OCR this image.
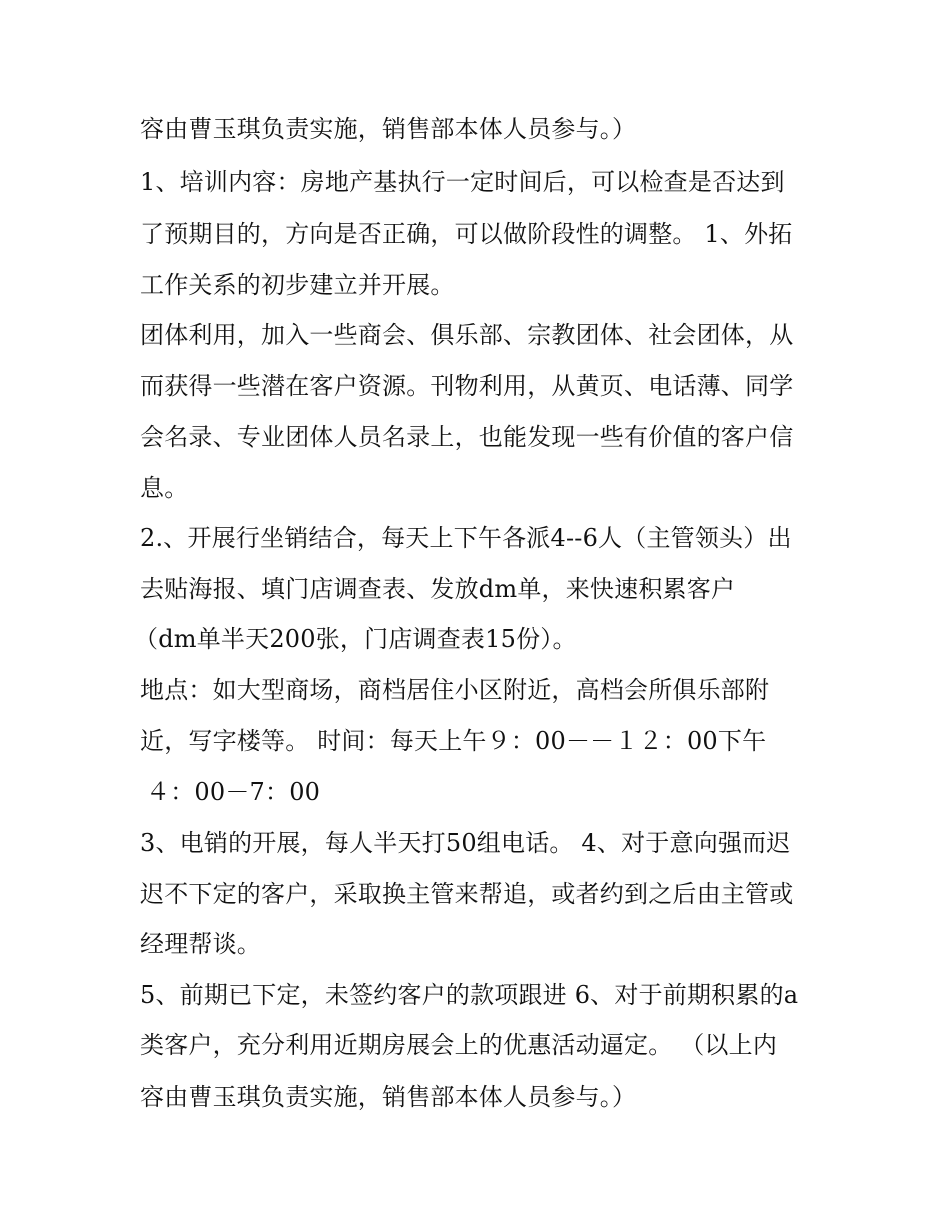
容由曹玉琪负责实施，销售部本体人员参与。）
1、培训内容：房地产基执行一定时间后，可以检查是否达到
了预期目的，方向是否正确，可以做阶段性的调整。 1、外拓
工作关系的初步建立并开展。
团体利用，加入一些商会、俱乐部、宗教团体、社会团体，从
而获得一些潜在客户资源。刊物利用，从黄页、电话薄、同学
会名录、专业团体人员名录上，也能发现一些有价值的客户信
息。
2.、开展行坐销结合，每天上下午各派4--6人（主管领头）出
去贴海报、填门店调查表、发放dm单，来快速积累客户
（dm单半天200张，门店调查表15份）。
地点：如大型商场，商档居住小区附近，高档会所俱乐部附
近，写字楼等。 时间：每天上午９：00－－１２：00下午
４：00－7：00
3、电销的开展，每人半天打50组电话。 4、对于意向强而迟
迟不下定的客户，采取换主管来帮追，或者约到之后由主管或
经理帮谈。
5、前期已下定，未签约客户的款项跟进 6、对于前期积累的a
类客户，充分利用近期房展会上的优惠活动逼定。 （以上内
容由曹玉琪负责实施，销售部本体人员参与。）
